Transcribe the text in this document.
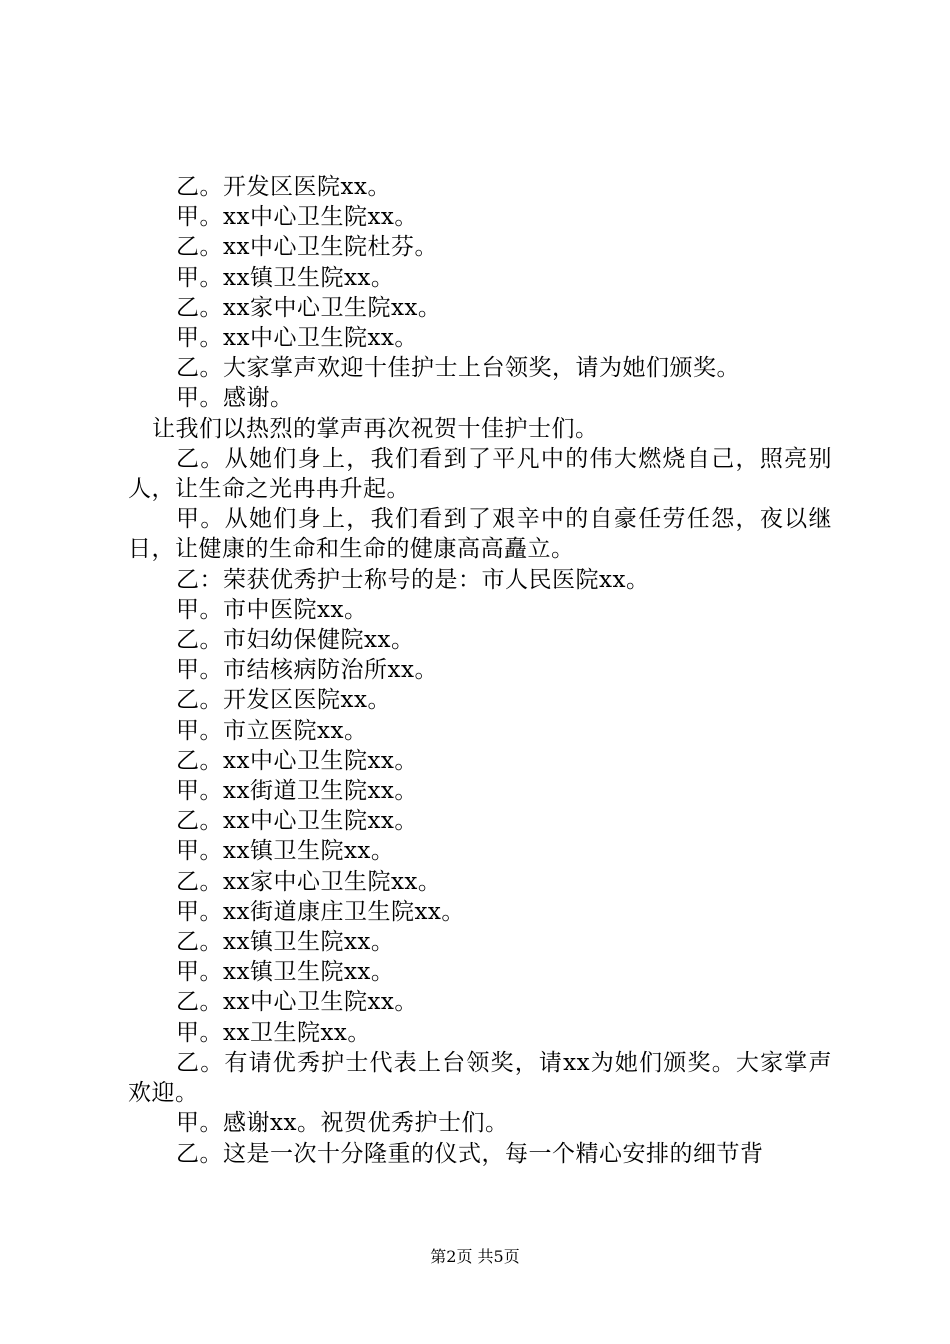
乙。开发区医院xx。

甲。xx中心卫生院xx。

乙。xx中心卫生院杜芬。

甲。xx镇卫生院xx。

乙。xx家中心卫生院xx。

甲。xx中心卫生院xx。

乙。大家掌声欢迎十佳护士上台领奖，请为她们颁奖。

甲。感谢。

让我们以热烈的掌声再次祝贺十佳护士们。

乙。从她们身上，我们看到了平凡中的伟大燃烧自己，照亮别人，让生命之光冉冉升起。

甲。从她们身上，我们看到了艰辛中的自豪任劳任怨，夜以继日，让健康的生命和生命的健康高高矗立。

乙：荣获优秀护士称号的是：市人民医院xx。

甲。市中医院xx。

乙。市妇幼保健院xx。

甲。市结核病防治所xx。

乙。开发区医院xx。

甲。市立医院xx。

乙。xx中心卫生院xx。

甲。xx街道卫生院xx。

乙。xx中心卫生院xx。

甲。xx镇卫生院xx。

乙。xx家中心卫生院xx。

甲。xx街道康庄卫生院xx。

乙。xx镇卫生院xx。

甲。xx镇卫生院xx。

乙。xx中心卫生院xx。

甲。xx卫生院xx。

乙。有请优秀护士代表上台领奖，请xx为她们颁奖。大家掌声欢迎。

甲。感谢xx。祝贺优秀护士们。

乙。这是一次十分隆重的仪式，每一个精心安排的细节背

第2页 共5页
